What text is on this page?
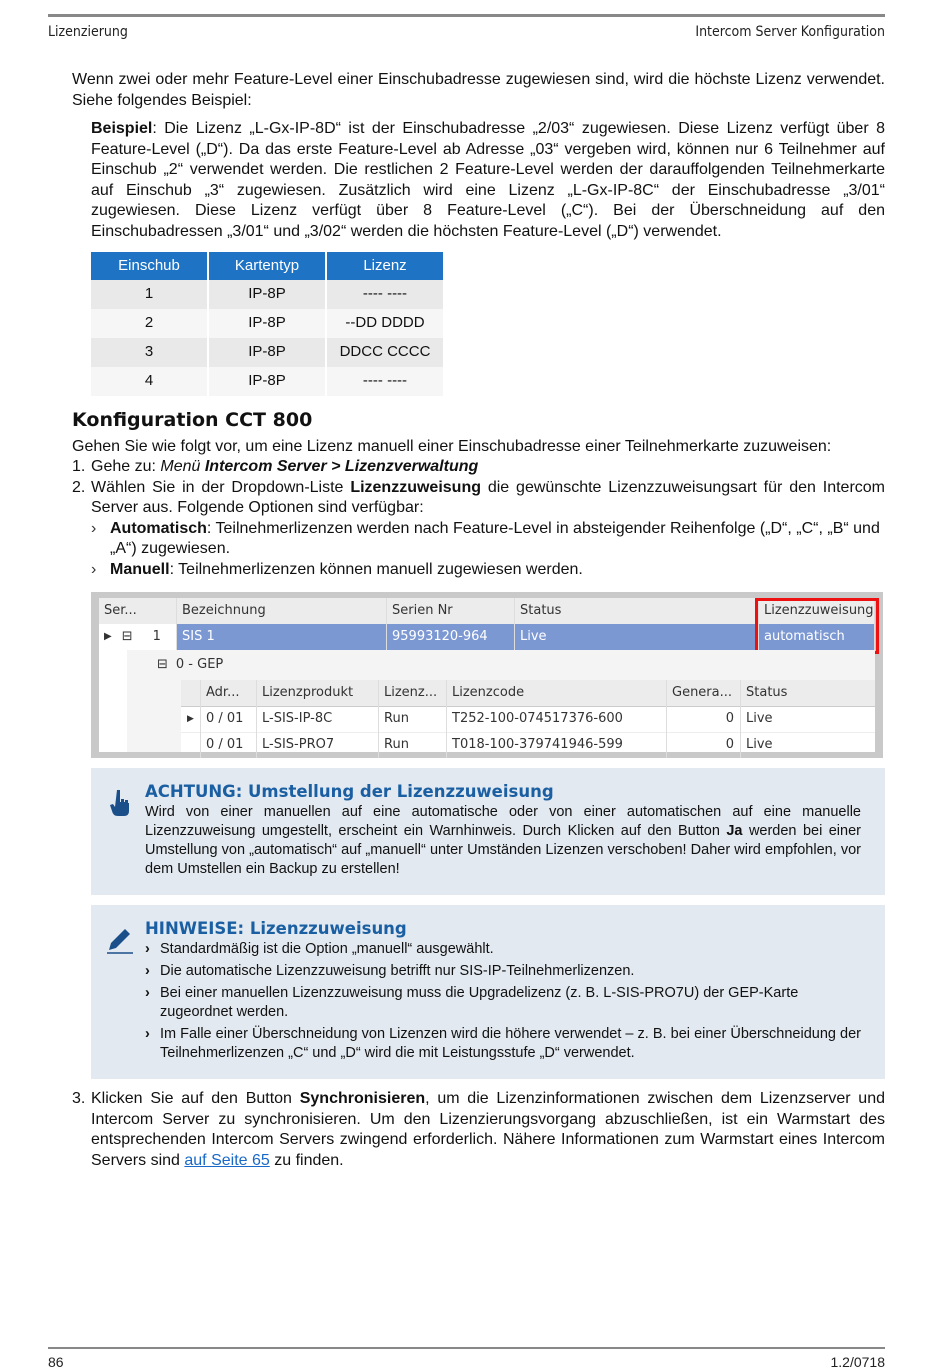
Lizenzierung	Intercom Server Konfiguration

Wenn zwei oder mehr Feature-Level einer Einschubadresse zugewiesen sind, wird die höchste Lizenz verwendet. Siehe folgendes Beispiel:

Beispiel: Die Lizenz „L-Gx-IP-8D“ ist der Einschubadresse „2/03“ zugewiesen. Diese Lizenz verfügt über 8 Feature-Level („D“). Da das erste Feature-Level ab Adresse „03“ vergeben wird, können nur 6 Teilnehmer auf Einschub „2“ verwendet werden. Die restlichen 2 Feature-Level werden der darauffolgenden Teilnehmerkarte auf Einschub „3“ zugewiesen. Zusätzlich wird eine Lizenz „L-Gx-IP-8C“ der Einschubadresse „3/01“ zugewiesen. Diese Lizenz verfügt über 8 Feature-Level („C“). Bei der Überschneidung auf den Einschubadressen „3/01“ und „3/02“ werden die höchsten Feature-Level („D“) verwendet.

Einschub	Kartentyp	Lizenz
1	IP-8P	---- ----
2	IP-8P	--DD DDDD
3	IP-8P	DDCC CCCC
4	IP-8P	---- ----
Konfiguration CCT 800

Gehen Sie wie folgt vor, um eine Lizenz manuell einer Einschubadresse einer Teilnehmerkarte zuzuweisen:

1. Gehe zu: Menü Intercom Server > Lizenzverwaltung
2. Wählen Sie in der Dropdown-Liste Lizenzzuweisung die gewünschte Lizenzzuweisungsart für den Intercom Server aus. Folgende Optionen sind verfügbar:
› Automatisch: Teilnehmerlizenzen werden nach Feature-Level in absteigender Reihenfolge („D“, „C“, „B“ und „A“) zugewiesen.
› Manuell: Teilnehmerlizenzen können manuell zugewiesen werden.
Ser...	Bezeichnung	Serien Nr	Status	Lizenzzuweisung
▶ ⊟ 1	SIS 1	95993120-964	Live	automatisch
⊟ 0 - GEP
Adr...	Lizenzprodukt	Lizenz...	Lizenzcode	Genera...	Status
▶ 0 / 01	L-SIS-IP-8C	Run	T252-100-074517376-600	0 Live
0 / 01	L-SIS-PRO7	Run	T018-100-379741946-599	0 Live
ACHTUNG: Umstellung der Lizenzzuweisung

Wird von einer manuellen auf eine automatische oder von einer automatischen auf eine manuelle Lizenzzuweisung umgestellt, erscheint ein Warnhinweis. Durch Klicken auf den Button Ja werden bei einer Umstellung von „automatisch“ auf „manuell“ unter Umständen Lizenzen verschoben! Daher wird empfohlen, vor dem Umstellen ein Backup zu erstellen!

HINWEISE: Lizenzzuweisung
› Standardmäßig ist die Option „manuell“ ausgewählt.
› Die automatische Lizenzzuweisung betrifft nur SIS-IP-Teilnehmerlizenzen.
› Bei einer manuellen Lizenzzuweisung muss die Upgradelizenz (z. B. L-SIS-PRO7U) der GEP-Karte zugeordnet werden.
› Im Falle einer Überschneidung von Lizenzen wird die höhere verwendet – z. B. bei einer Überschneidung der Teilnehmerlizenzen „C“ und „D“ wird die mit Leistungsstufe „D“ verwendet.
3. Klicken Sie auf den Button Synchronisieren, um die Lizenzinformationen zwischen dem Lizenzserver und Intercom Server zu synchronisieren. Um den Lizenzierungsvorgang abzuschließen, ist ein Warmstart des entsprechenden Intercom Servers zwingend erforderlich. Nähere Informationen zum Warmstart eines Intercom Servers sind auf Seite 65 zu finden.
86	1.2/0718
